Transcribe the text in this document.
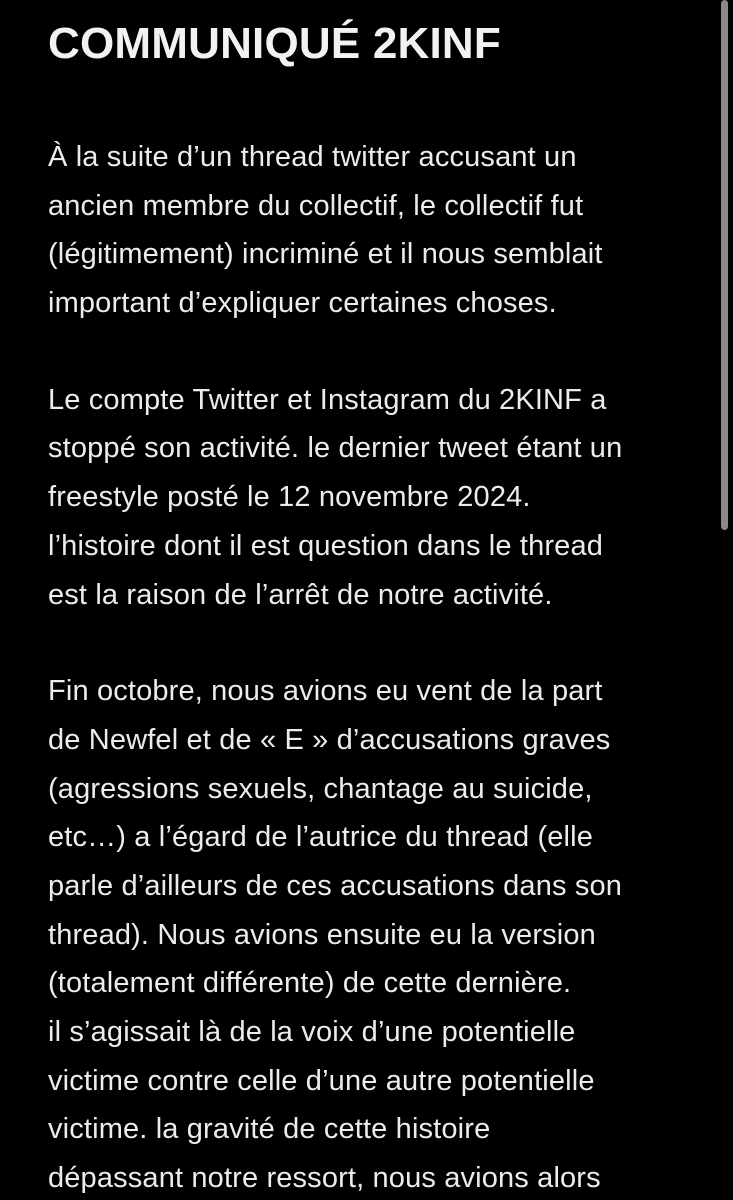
COMMUNIQUÉ 2KINF

À la suite d’un thread twitter accusant un
ancien membre du collectif, le collectif fut
(légitimement) incriminé et il nous semblait
important d’expliquer certaines choses.

Le compte Twitter et Instagram du 2KINF a
stoppé son activité. le dernier tweet étant un
freestyle posté le 12 novembre 2024.
l’histoire dont il est question dans le thread
est la raison de l’arrêt de notre activité.

Fin octobre, nous avions eu vent de la part
de Newfel et de « E » d’accusations graves
(agressions sexuels, chantage au suicide,
etc…) a l’égard de l’autrice du thread (elle
parle d’ailleurs de ces accusations dans son
thread). Nous avions ensuite eu la version
(totalement différente) de cette dernière.
il s’agissait là de la voix d’une potentielle
victime contre celle d’une autre potentielle
victime. la gravité de cette histoire
dépassant notre ressort, nous avions alors
